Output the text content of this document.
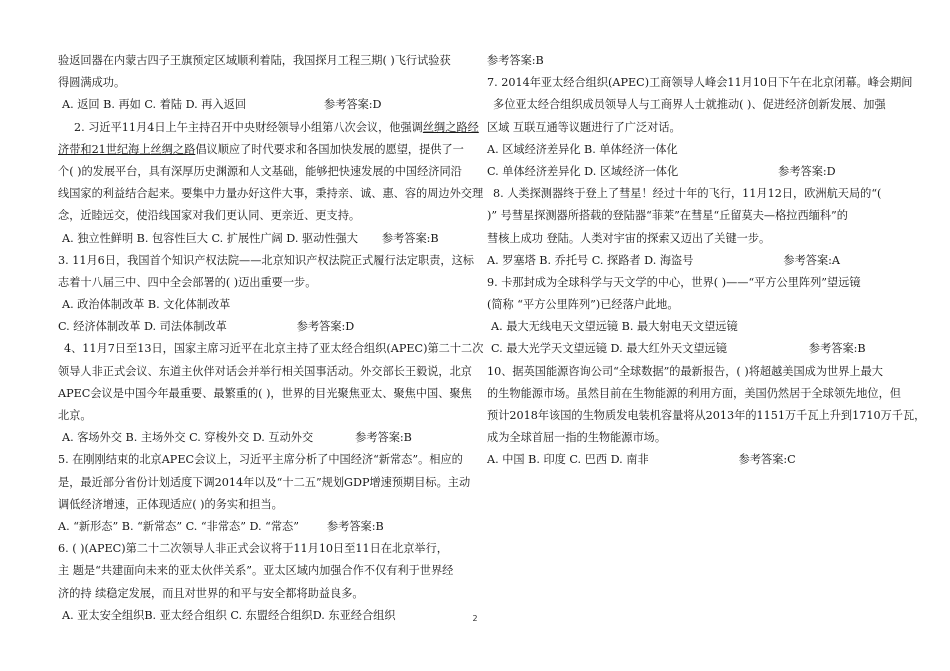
验返回器在内蒙古四子王旗预定区域顺利着陆，我国探月工程三期( )飞行试验获
得圆满成功。
A. 返回 B. 再如 C. 着陆 D. 再入返回	参考答案:D
2. 习近平11月4日上午主持召开中央财经领导小组第八次会议，他强调丝绸之路经
济带和21世纪海上丝绸之路倡议顺应了时代要求和各国加快发展的愿望，提供了一
个( )的发展平台，具有深厚历史渊源和人文基础，能够把快速发展的中国经济同沿
线国家的利益结合起来。要集中力量办好这件大事，秉持亲、诚、惠、容的周边外交理
念，近睦远交，使沿线国家对我们更认同、更亲近、更支持。
A. 独立性鲜明 B. 包容性巨大 C. 扩展性广阔 D. 驱动性强大 参考答案:B
3. 11月6日，我国首个知识产权法院——北京知识产权法院正式履行法定职责，这标
志着十八届三中、四中全会部署的( )迈出重要一步。
A. 政治体制改革 B. 文化体制改革
C. 经济体制改革 D. 司法体制改革	参考答案:D
4、11月7日至13日，国家主席习近平在北京主持了亚太经合组织(APEC)第二十二次
领导人非正式会议、东道主伙伴对话会并举行相关国事活动。外交部长王毅说，北京
APEC会议是中国今年最重要、最繁重的( )，世界的目光聚焦亚太、聚焦中国、聚焦
北京。
A. 客场外交 B. 主场外交 C. 穿梭外交 D. 互动外交	参考答案:B
5. 在刚刚结束的北京APEC会议上，习近平主席分析了中国经济“新常态”。相应的
是，最近部分省份计划适度下调2014年以及“十二五”规划GDP增速预期目标。主动
调低经济增速，正体现适应( )的务实和担当。
A. “新形态” B. “新常态” C. “非常态” D. “常态”	参考答案:B
6. ( )(APEC)第二十二次领导人非正式会议将于11月10日至11日在北京举行，
主 题是“共建面向未来的亚太伙伴关系”。亚太区域内加强合作不仅有利于世界经
济的持 续稳定发展，而且对世界的和平与安全都将助益良多。
A. 亚太安全组织B. 亚太经合组织 C. 东盟经合组织D. 东亚经合组织
参考答案:B
7. 2014年亚太经合组织(APEC)工商领导人峰会11月10日下午在北京闭幕。峰会期间
多位亚太经合组织成员领导人与工商界人士就推动( )、促进经济创新发展、加强
区域 互联互通等议题进行了广泛对话。
A. 区域经济差异化 B. 单体经济一体化
C. 单体经济差异化 D. 区域经济一体化	参考答案:D
8. 人类探测器终于登上了彗星！经过十年的飞行，11月12日，欧洲航天局的“(
)” 号彗星探测器所搭载的登陆器“菲莱”在彗星“丘留莫夫—格拉西缅科”的
彗核上成功 登陆。人类对宇宙的探索又迈出了关键一步。
A. 罗塞塔 B. 乔托号 C. 探路者 D. 海盗号	参考答案:A
9. 卡那封成为全球科学与天文学的中心，世界( )——“平方公里阵列”望远镜
(简称 “平方公里阵列”)已经落户此地。
A. 最大无线电天文望远镜 B. 最大射电天文望远镜
C. 最大光学天文望远镜 D. 最大红外天文望远镜	参考答案:B
10、据英国能源咨询公司“全球数据”的最新报告，( )将超越美国成为世界上最大
的生物能源市场。虽然目前在生物能源的利用方面，美国仍然居于全球领先地位，但
预计2018年该国的生物质发电装机容量将从2013年的1151万千瓦上升到1710万千瓦，
成为全球首屈一指的生物能源市场。
A. 中国 B. 印度 C. 巴西 D. 南非	参考答案:C
2
